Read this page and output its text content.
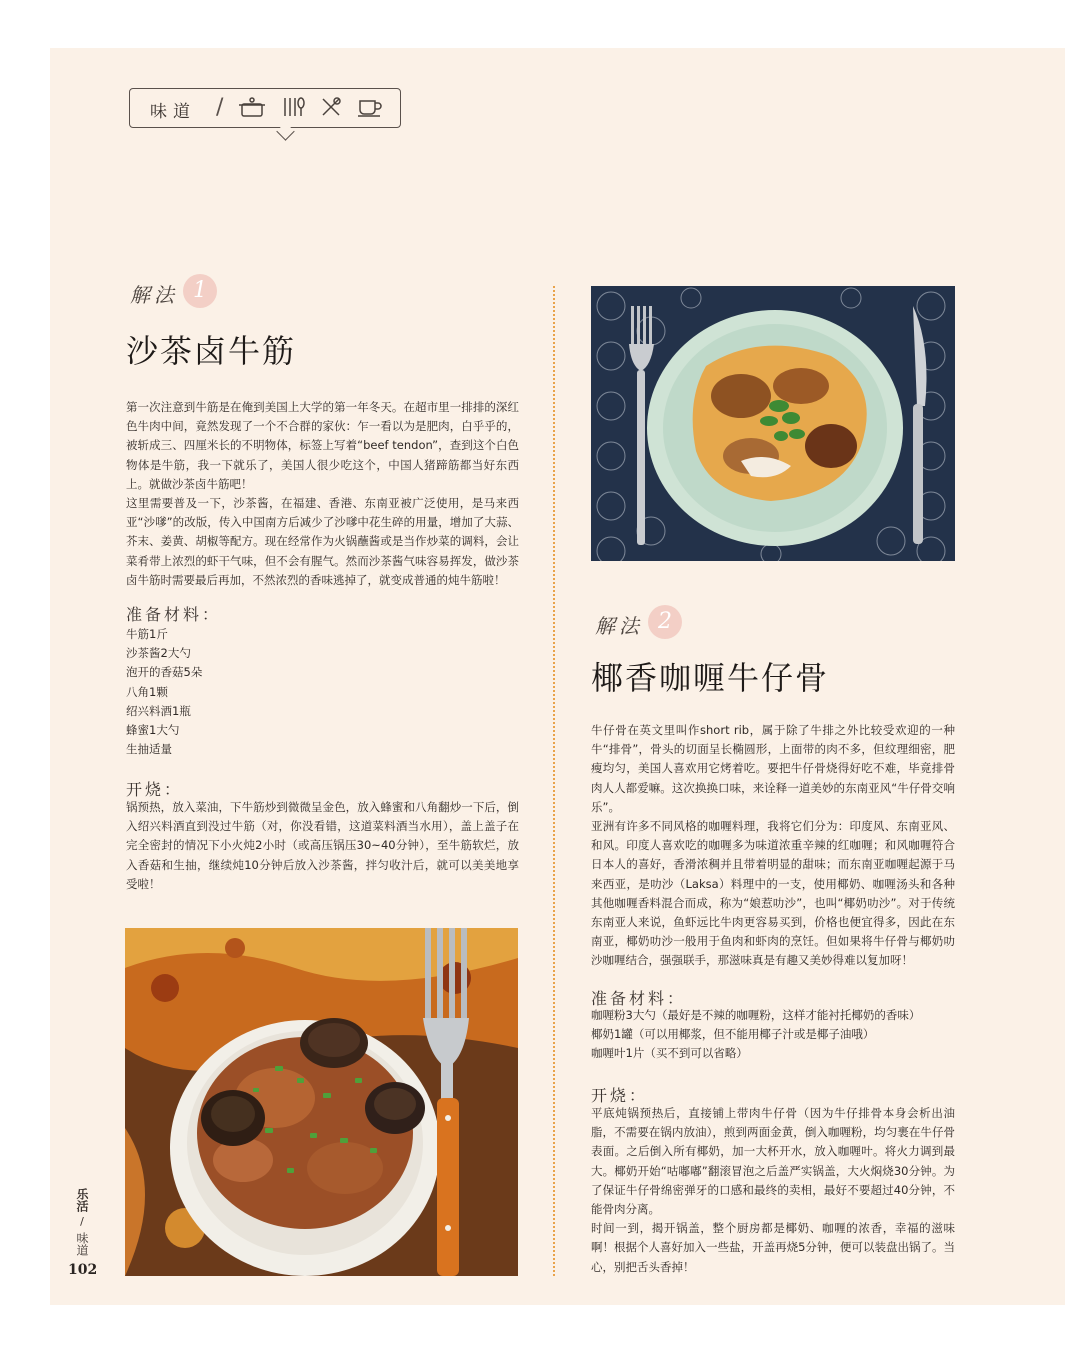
味道 /

解法 1
沙茶卤牛筋

第一次注意到牛筋是在俺到美国上大学的第一年冬天。在超市里一排排的深红色牛肉中间，竟然发现了一个不合群的家伙：乍一看以为是肥肉，白乎乎的，被斩成三、四厘米长的不明物体，标签上写着“beef tendon”，查到这个白色物体是牛筋，我一下就乐了，美国人很少吃这个，中国人猪蹄筋都当好东西上。就做沙茶卤牛筋吧！

这里需要普及一下，沙茶酱，在福建、香港、东南亚被广泛使用，是马来西亚“沙嗲”的改版，传入中国南方后减少了沙嗲中花生碎的用量，增加了大蒜、芥末、姜黄、胡椒等配方。现在经常作为火锅蘸酱或是当作炒菜的调料，会让菜肴带上浓烈的虾干气味，但不会有腥气。然而沙茶酱气味容易挥发，做沙茶卤牛筋时需要最后再加，不然浓烈的香味逃掉了，就变成普通的炖牛筋啦！

准备材料：
牛筋1斤
沙茶酱2大勺
泡开的香菇5朵
八角1颗
绍兴料酒1瓶
蜂蜜1大勺
生抽适量
开烧：

锅预热，放入菜油，下牛筋炒到微微呈金色，放入蜂蜜和八角翻炒一下后，倒入绍兴料酒直到没过牛筋（对，你没看错，这道菜料酒当水用），盖上盖子在完全密封的情况下小火炖2小时（或高压锅压30~40分钟），至牛筋软烂，放入香菇和生抽，继续炖10分钟后放入沙茶酱，拌匀收汁后，就可以美美地享受啦！

解法 2
椰香咖喱牛仔骨

牛仔骨在英文里叫作short rib，属于除了牛排之外比较受欢迎的一种牛“排骨”，骨头的切面呈长椭圆形，上面带的肉不多，但纹理细密，肥瘦均匀，美国人喜欢用它烤着吃。要把牛仔骨烧得好吃不难，毕竟排骨肉人人都爱嘛。这次换换口味，来诠释一道美妙的东南亚风“牛仔骨交响乐”。

亚洲有许多不同风格的咖喱料理，我将它们分为：印度风、东南亚风、和风。印度人喜欢吃的咖喱多为味道浓重辛辣的红咖喱；和风咖喱符合日本人的喜好，香滑浓稠并且带着明显的甜味；而东南亚咖喱起源于马来西亚，是叻沙（Laksa）料理中的一支，使用椰奶、咖喱汤头和各种其他咖喱香料混合而成，称为“娘惹叻沙”，也叫“椰奶叻沙”。对于传统东南亚人来说，鱼虾远比牛肉更容易买到，价格也便宜得多，因此在东南亚，椰奶叻沙一般用于鱼肉和虾肉的烹饪。但如果将牛仔骨与椰奶叻沙咖喱结合，强强联手，那滋味真是有趣又美妙得难以复加呀！

准备材料：
咖喱粉3大勺（最好是不辣的咖喱粉，这样才能衬托椰奶的香味）
椰奶1罐（可以用椰浆，但不能用椰子汁或是椰子油哦）
咖喱叶1片（买不到可以省略）
开烧：

平底炖锅预热后，直接铺上带肉牛仔骨（因为牛仔排骨本身会析出油脂，不需要在锅内放油），煎到两面金黄，倒入咖喱粉，均匀裹在牛仔骨表面。之后倒入所有椰奶，加一大杯开水，放入咖喱叶。将火力调到最大。椰奶开始“咕嘟嘟”翻滚冒泡之后盖严实锅盖，大火焖烧30分钟。为了保证牛仔骨绵密弹牙的口感和最终的卖相，最好不要超过40分钟，不能骨肉分离。

时间一到，揭开锅盖，整个厨房都是椰奶、咖喱的浓香，幸福的滋味啊！根据个人喜好加入一些盐，开盖再烧5分钟，便可以装盘出锅了。当心，别把舌头香掉！

乐活
/
味道
102
